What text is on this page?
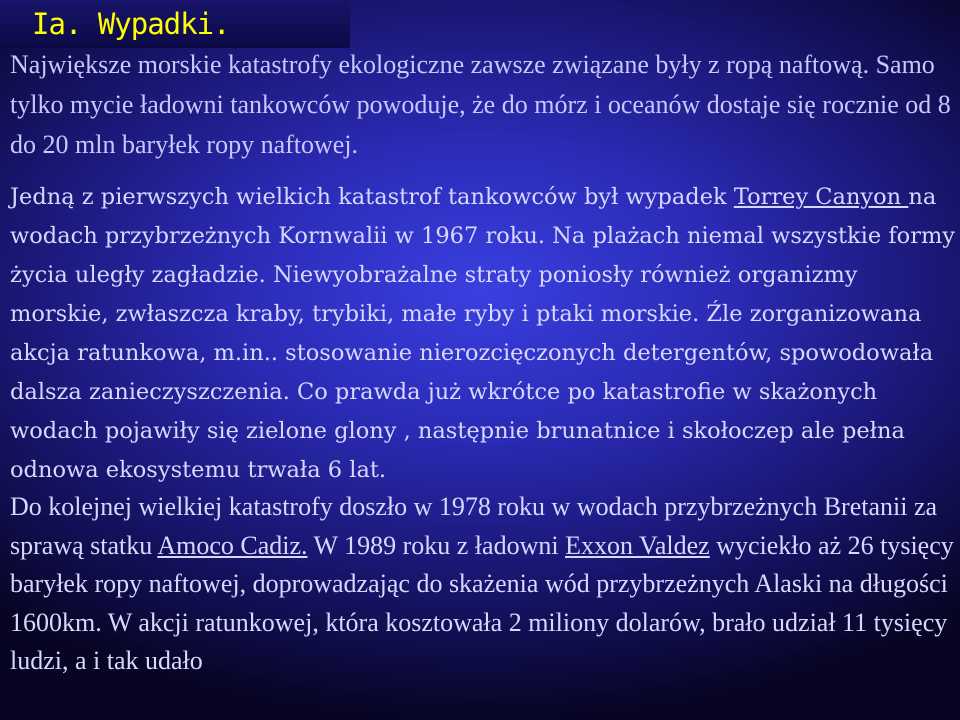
Ia. Wypadki.

Największe morskie katastrofy ekologiczne zawsze związane były z ropą naftową. Samo tylko mycie ładowni tankowców powoduje, że do mórz i oceanów dostaje się rocznie od 8 do 20 mln baryłek ropy naftowej.

Jedną z pierwszych wielkich katastrof tankowców był wypadek Torrey Canyon na wodach przybrzeżnych Kornwalii w 1967 roku. Na plażach niemal wszystkie formy życia uległy zagładzie. Niewyobrażalne straty poniosły również organizmy morskie, zwłaszcza kraby, trybiki, małe ryby i ptaki morskie. Źle zorganizowana akcja ratunkowa, m.in.. stosowanie nierozcięczonych detergentów, spowodowała dalsza zanieczyszczenia. Co prawda już wkrótce po katastrofie w skażonych wodach pojawiły się zielone glony , następnie brunatnice i skołoczep ale pełna odnowa ekosystemu trwała 6 lat.

Do kolejnej wielkiej katastrofy doszło w 1978 roku w wodach przybrzeżnych Bretanii za sprawą statku Amoco Cadiz. W 1989 roku z ładowni Exxon Valdez wyciekło aż 26 tysięcy baryłek ropy naftowej, doprowadzając do skażenia wód przybrzeżnych Alaski na długości 1600km. W akcji ratunkowej, która kosztowała 2 miliony dolarów, brało udział 11 tysięcy ludzi, a i tak udało
